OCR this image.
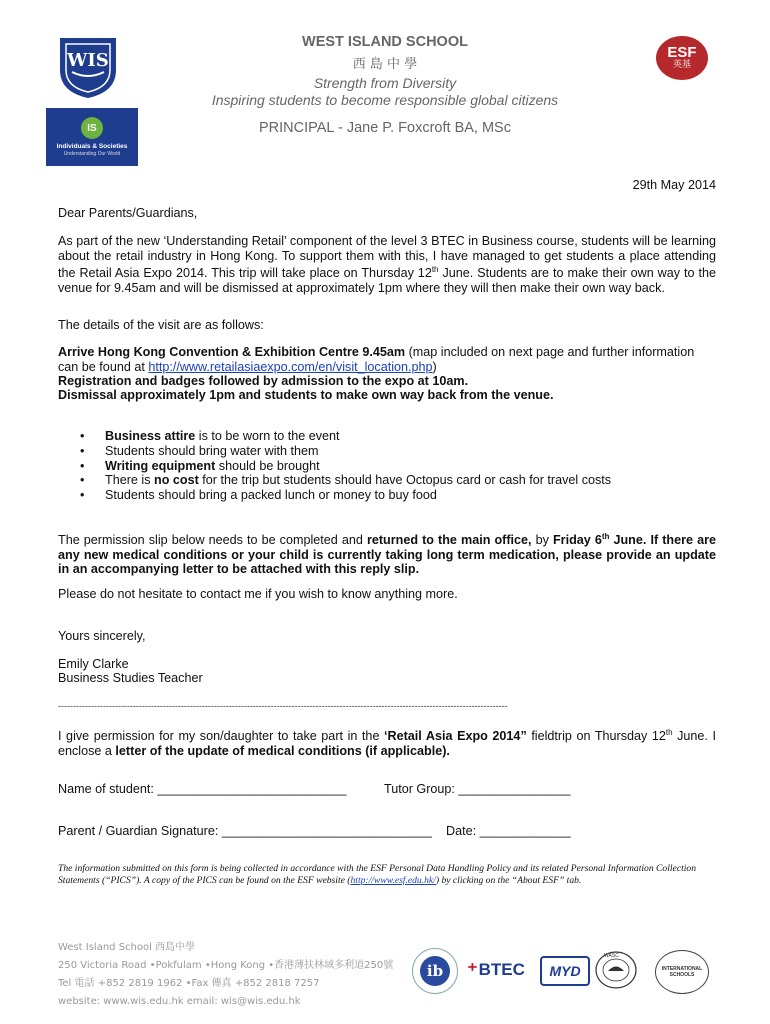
WIS
IS
Individuals & Societies
Understanding Our World
WEST ISLAND SCHOOL
西 島 中 學
Strength from Diversity
Inspiring students to become responsible global citizens
PRINCIPAL - Jane P. Foxcroft BA, MSc
ESF
英基
29th May 2014
Dear Parents/Guardians,
As part of the new ‘Understanding Retail’ component of the level 3 BTEC in Business course, students will be learning about the retail industry in Hong Kong. To support them with this, I have managed to get students a place attending the Retail Asia Expo 2014. This trip will take place on Thursday 12th June. Students are to make their own way to the venue for 9.45am and will be dismissed at approximately 1pm where they will then make their own way back.
The details of the visit are as follows:
Arrive Hong Kong Convention & Exhibition Centre 9.45am (map included on next page and further information can be found at http://www.retailasiaexpo.com/en/visit_location.php)
Registration and badges followed by admission to the expo at 10am.
Dismissal approximately 1pm and students to make own way back from the venue.
• Business attire is to be worn to the event
• Students should bring water with them
• Writing equipment should be brought
• There is no cost for the trip but students should have Octopus card or cash for travel costs
• Students should bring a packed lunch or money to buy food
The permission slip below needs to be completed and returned to the main office, by Friday 6th June. If there are any new medical conditions or your child is currently taking long term medication, please provide an update in an accompanying letter to be attached with this reply slip.
Please do not hesitate to contact me if you wish to know anything more.
Yours sincerely,
Emily Clarke
Business Studies Teacher
------------------------------------------------------------------------------------------------------------------------------------------------------
I give permission for my son/daughter to take part in the ‘Retail Asia Expo 2014” fieldtrip on Thursday 12th June. I enclose a letter of the update of medical conditions (if applicable).
Name of student: ___________________________	Tutor Group: ________________
Parent / Guardian Signature: ______________________________ Date: _____________
The information submitted on this form is being collected in accordance with the ESF Personal Data Handling Policy and its related Personal Information Collection Statements (“PICS”). A copy of the PICS can be found on the ESF website (http://www.esf.edu.hk/) by clicking on the “About ESF” tab.
West Island School 西島中學
250 Victoria Road •Pokfulam •Hong Kong •香港薄扶林域多利道250號
Tel 電話 +852 2819 1962 •Fax 傳真 +852 2818 7257
website: www.wis.edu.hk email: wis@wis.edu.hk
ib	⁺ BTEC	MYD
WASC
INTERNATIONAL SCHOOLS
